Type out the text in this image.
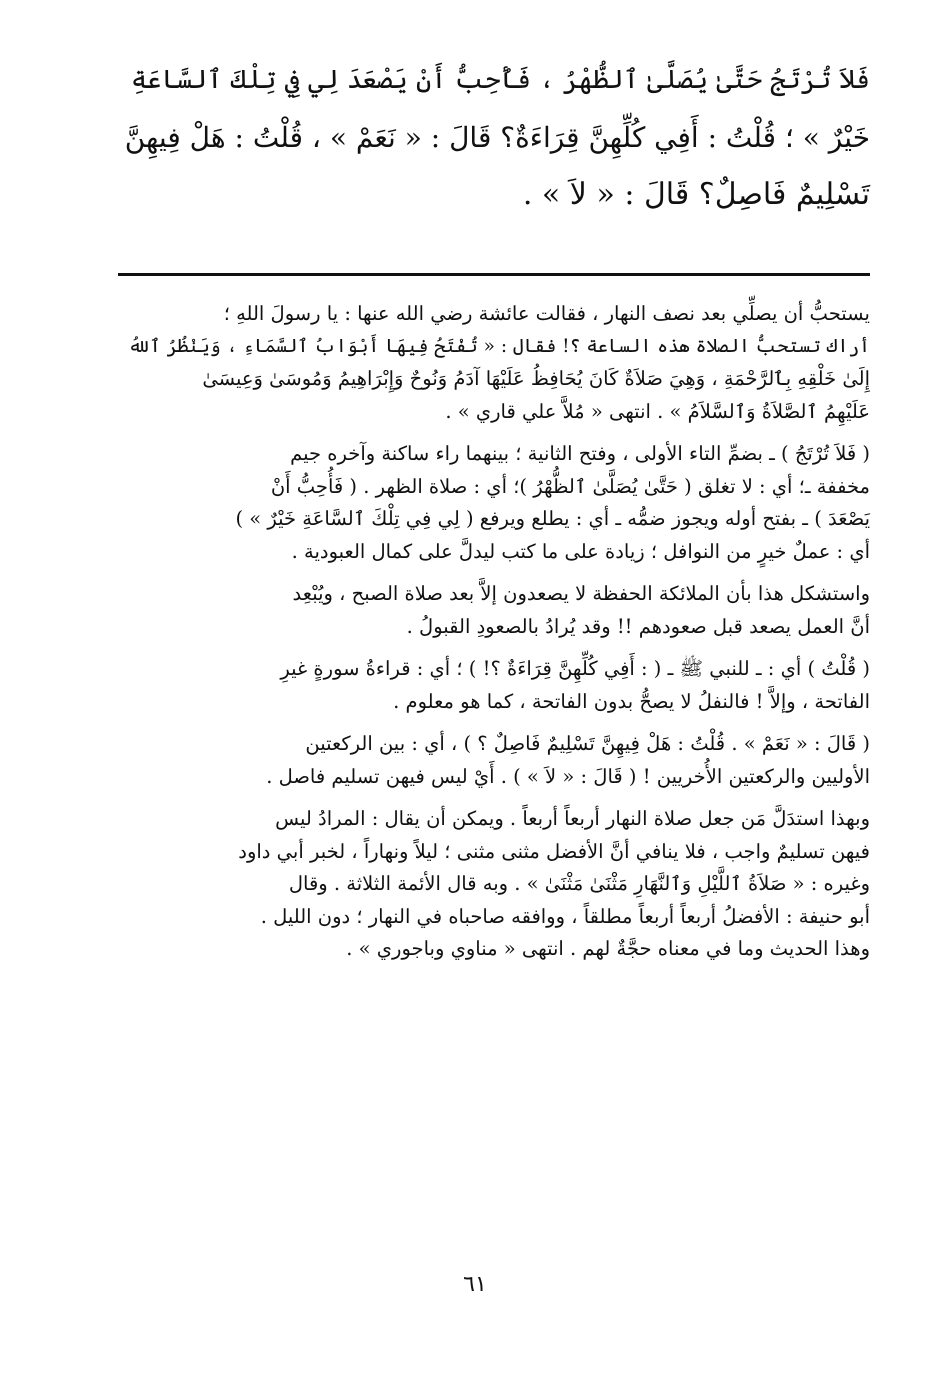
فَلاَ تُرْتَجُ حَتَّىٰ يُصَلَّىٰ ٱلظُّهْرُ ، فَأُحِبُّ أَنْ يَصْعَدَ لِي فِي تِلْكَ ٱلسَّاعَةِ
خَيْرٌ » ؛ قُلْتُ : أَفِي كُلِّهِنَّ قِرَاءَةٌ؟ قَالَ : « نَعَمْ » ، قُلْتُ : هَلْ فِيهِنَّ
تَسْلِيمٌ فَاصِلٌ؟ قَالَ : « لاَ » .

يستحبُّ أن يصلِّي بعد نصف النهار ، فقالت عائشة رضي الله عنها : يا رسولَ اللهِ ؛
أراك تستحبُّ الصلاة هذه الساعة ؟! فقال : « تُفْتَحُ فِيهَا أَبْوَابُ ٱلسَّمَاءِ ، وَيَنْظُرُ ٱللهُ
إِلَىٰ خَلْقِهِ بِٱلرَّحْمَةِ ، وَهِيَ صَلاَةٌ كَانَ يُحَافِظُ عَلَيْهَا آدَمُ وَنُوحٌ وَإِبْرَاهِيمُ وَمُوسَىٰ وَعِيسَىٰ
عَلَيْهِمُ ٱلصَّلاَةُ وَٱلسَّلاَمُ » . انتهى « مُلاَّ علي قاري » .

( فَلاَ تُرْتَجُ ) ـ بضمِّ التاء الأولى ، وفتح الثانية ؛ بينهما راء ساكنة وآخره جيم
مخففة ـ؛ أي : لا تغلق ( حَتَّىٰ يُصَلَّىٰ ٱلظُّهْرُ )؛ أي : صلاة الظهر . ( فَأُحِبُّ أَنْ
يَصْعَدَ ) ـ بفتح أوله ويجوز ضمُّه ـ أي : يطلع ويرفع ( لِي فِي تِلْكَ ٱلسَّاعَةِ خَيْرٌ » )
أي : عملٌ خيرٍ من النوافل ؛ زيادة على ما كتب ليدلَّ على كمال العبودية .

واستشكل هذا بأن الملائكة الحفظة لا يصعدون إلاَّ بعد صلاة الصبح ، ويُبْعِد
أنَّ العمل يصعد قبل صعودهم !! وقد يُرادُ بالصعودِ القبولُ .

( قُلْتُ ) أي : ـ للنبي ﷺ ـ ( : أَفِي كُلِّهِنَّ قِرَاءَةٌ ؟! ) ؛ أي : قراءةُ سورةٍ غيرِ
الفاتحة ، وإلاَّ ! فالنفلُ لا يصحُّ بدون الفاتحة ، كما هو معلوم .

( قَالَ : « نَعَمْ » . قُلْتُ : هَلْ فِيهِنَّ تَسْلِيمٌ فَاصِلٌ ؟ ) ، أي : بين الركعتين
الأوليين والركعتين الأُخريين ! ( قَالَ : « لاَ » ) . أَيْ ليس فيهن تسليم فاصل .

وبهذا استدَلَّ مَن جعل صلاة النهار أربعاً أربعاً . ويمكن أن يقال : المرادُ ليس
فيهن تسليمٌ واجب ، فلا ينافي أنَّ الأفضل مثنى مثنى ؛ ليلاً ونهاراً ، لخبر أبي داود
وغيره : « صَلاَةُ ٱللَّيْلِ وَٱلنَّهَارِ مَثْنَىٰ مَثْنَىٰ » . وبه قال الأئمة الثلاثة . وقال
أبو حنيفة : الأفضلُ أربعاً أربعاً مطلقاً ، ووافقه صاحباه في النهار ؛ دون الليل .
وهذا الحديث وما في معناه حجَّةٌ لهم . انتهى « مناوي وباجوري » .

٦١
